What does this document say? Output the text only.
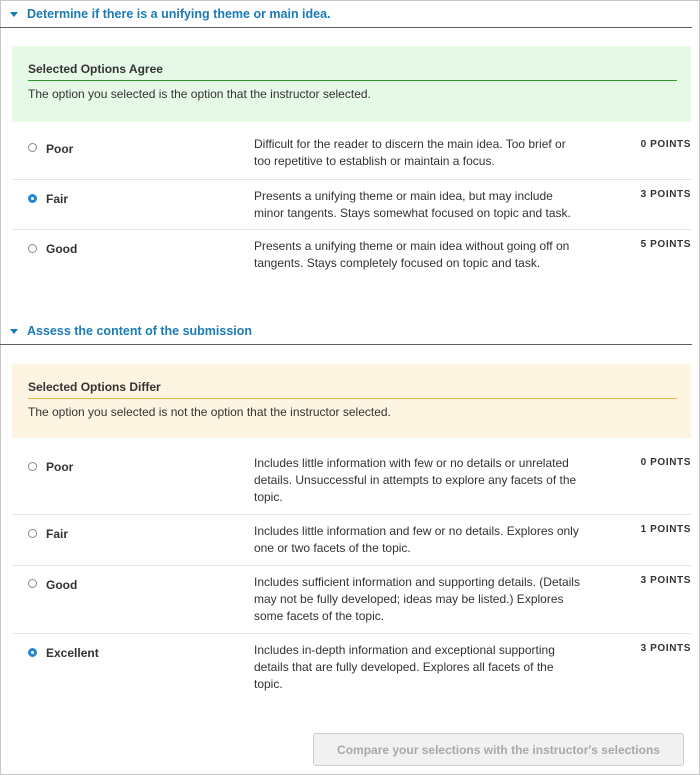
Determine if there is a unifying theme or main idea.
Selected Options Agree
The option you selected is the option that the instructor selected.
Poor	Difficult for the reader to discern the main idea. Too brief or too repetitive to establish or maintain a focus.
0 POINTS
Fair	Presents a unifying theme or main idea, but may include minor tangents. Stays somewhat focused on topic and task.
3 POINTS
Good	Presents a unifying theme or main idea without going off on tangents. Stays completely focused on topic and task.
5 POINTS
Assess the content of the submission
Selected Options Differ
The option you selected is not the option that the instructor selected.
Poor	Includes little information with few or no details or unrelated details. Unsuccessful in attempts to explore any facets of the topic.
0 POINTS
Fair	Includes little information and few or no details. Explores only one or two facets of the topic.
1 POINTS
Good	Includes sufficient information and supporting details. (Details may not be fully developed; ideas may be listed.) Explores some facets of the topic.
3 POINTS
Excellent	Includes in-depth information and exceptional supporting details that are fully developed. Explores all facets of the topic.
3 POINTS
Compare your selections with the instructor's selections
